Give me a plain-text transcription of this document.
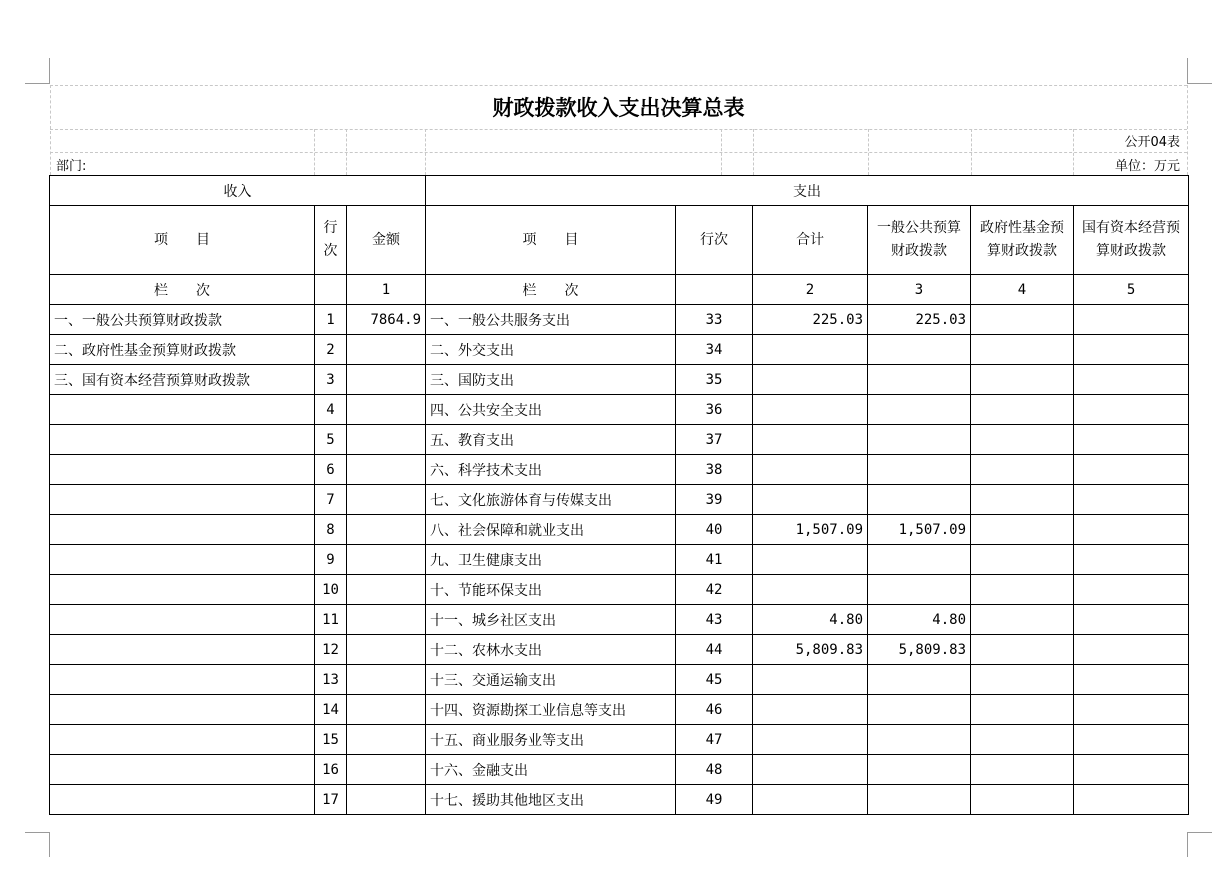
财政拨款收入支出决算总表
公开04表
部门:	单位：万元
收入			支出					
项　　目	行次	金额	项　　目	行次	合计	一般公共预算财政拨款	政府性基金预算财政拨款	国有资本经营预算财政拨款
栏　　次		1	栏　　次		2	3	4	5
一、一般公共预算财政拨款	1	7864.9	一、一般公共服务支出	33	225.03	225.03		
二、政府性基金预算财政拨款	2		二、外交支出	34				
三、国有资本经营预算财政拨款	3		三、国防支出	35				
	4		四、公共安全支出	36				
	5		五、教育支出	37				
	6		六、科学技术支出	38				
	7		七、文化旅游体育与传媒支出	39				
	8		八、社会保障和就业支出	40	1,507.09	1,507.09		
	9		九、卫生健康支出	41				
	10		十、节能环保支出	42				
	11		十一、城乡社区支出	43	4.80	4.80		
	12		十二、农林水支出	44	5,809.83	5,809.83		
	13		十三、交通运输支出	45				
	14		十四、资源勘探工业信息等支出	46				
	15		十五、商业服务业等支出	47				
	16		十六、金融支出	48				
	17		十七、援助其他地区支出	49				
